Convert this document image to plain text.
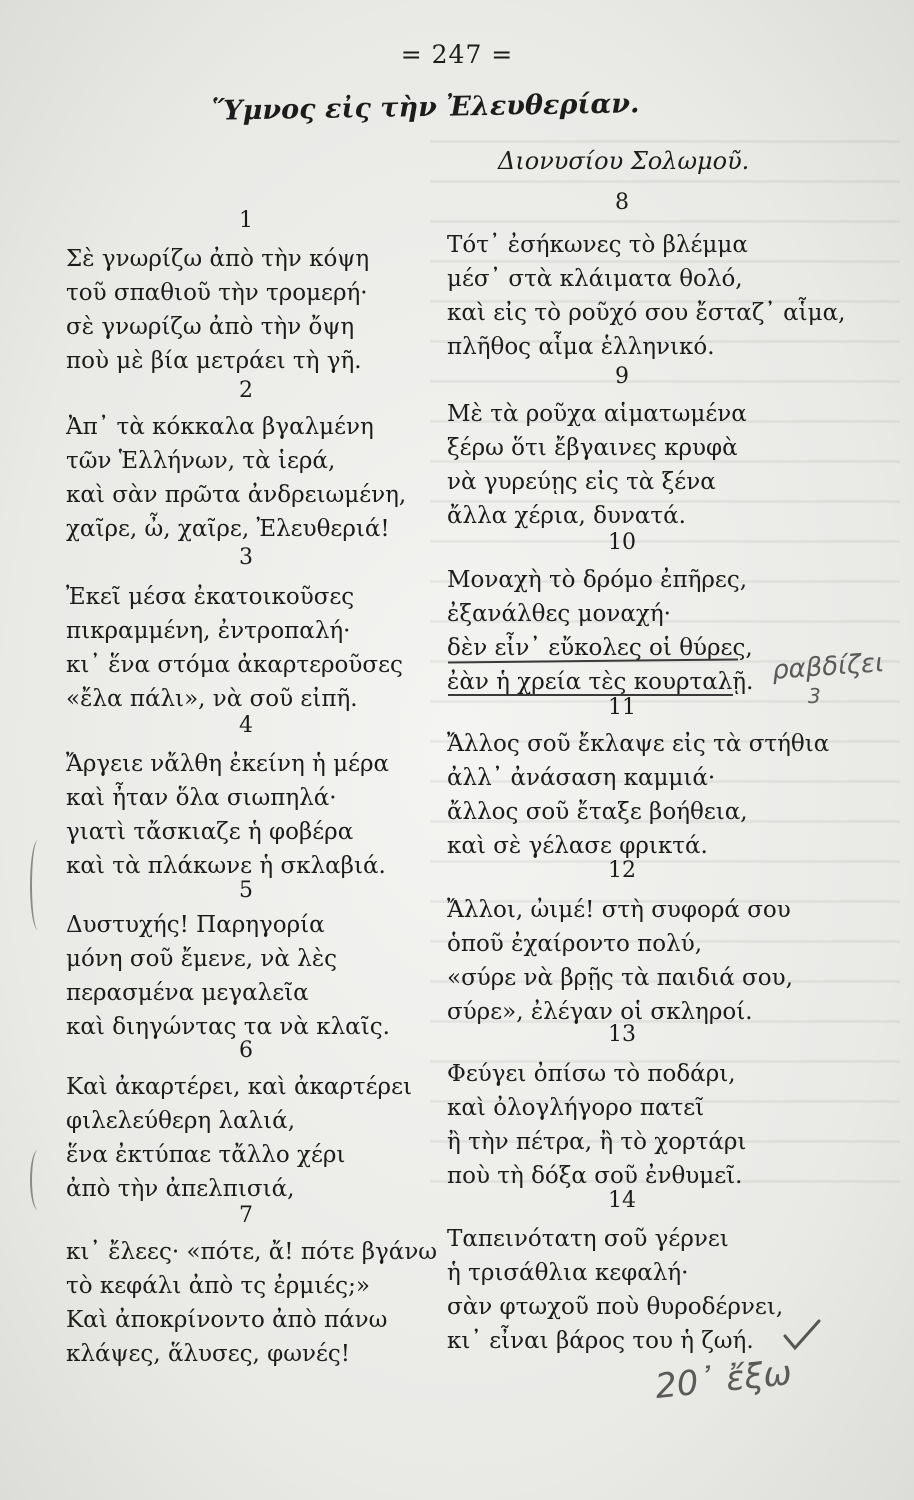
= 247 =
Ὕμνος εἰς τὴν Ἐλευθερίαν.
Διονυσίου Σολωμοῦ.
1
Σὲ γνωρίζω ἀπὸ τὴν κόψη
τοῦ σπαθιοῦ τὴν τρομερή·
σὲ γνωρίζω ἀπὸ τὴν ὄψη
ποὺ μὲ βία μετράει τὴ γῆ.
2
Ἀπ᾿ τὰ κόκκαλα βγαλμένη
τῶν Ἑλλήνων, τὰ ἱερά,
καὶ σὰν πρῶτα ἀνδρειωμένη,
χαῖρε, ὦ, χαῖρε, Ἐλευθεριά!
3
Ἐκεῖ μέσα ἐκατοικοῦσες
πικραμμένη, ἐντροπαλή·
κι᾿ ἕνα στόμα ἀκαρτεροῦσες
«ἔλα πάλι», νὰ σοῦ εἰπῆ.
4
Ἄργειε νἄλθη ἐκείνη ἡ μέρα
καὶ ἦταν ὅλα σιωπηλά·
γιατὶ τἄσκιαζε ἡ φοβέρα
καὶ τὰ πλάκωνε ἡ σκλαβιά.
5
Δυστυχής! Παρηγορία
μόνη σοῦ ἔμενε, νὰ λὲς
περασμένα μεγαλεῖα
καὶ διηγώντας τα νὰ κλαῖς.
6
Καὶ ἀκαρτέρει, καὶ ἀκαρτέρει
φιλελεύθερη λαλιά,
ἕνα ἐκτύπαε τἄλλο χέρι
ἀπὸ τὴν ἀπελπισιά,
7
κι᾿ ἔλεες· «πότε, ἄ! πότε βγάνω
τὸ κεφάλι ἀπὸ τς ἐρμιές;»
Καὶ ἀποκρίνοντο ἀπὸ πάνω
κλάψες, ἅλυσες, φωνές!
8
Τότ᾿ ἐσήκωνες τὸ βλέμμα
μέσ᾿ στὰ κλάιματα θολό,
καὶ εἰς τὸ ροῦχό σου ἔσταζ᾿ αἷμα,
πλῆθος αἷμα ἑλληνικό.
9
Μὲ τὰ ροῦχα αἱματωμένα
ξέρω ὅτι ἔβγαινες κρυφὰ
νὰ γυρεύῃς εἰς τὰ ξένα
ἄλλα χέρια, δυνατά.
10
Μοναχὴ τὸ δρόμο ἐπῆρες,
ἐξανάλθες μοναχή·
δὲν εἶν᾿ εὔκολες οἱ θύρες,
ἐὰν ἡ χρεία τὲς κουρταλῇ.
11
Ἄλλος σοῦ ἔκλαψε εἰς τὰ στήθια
ἀλλ᾿ ἀνάσαση καμμιά·
ἄλλος σοῦ ἔταξε βοήθεια,
καὶ σὲ γέλασε φρικτά.
12
Ἄλλοι, ὠιμέ! στὴ συφορά σου
ὁποῦ ἐχαίροντο πολύ,
«σύρε νὰ βρῇς τὰ παιδιά σου,
σύρε», ἐλέγαν οἱ σκληροί.
13
Φεύγει ὀπίσω τὸ ποδάρι,
καὶ ὀλογλήγορο πατεῖ
ἢ τὴν πέτρα, ἢ τὸ χορτάρι
ποὺ τὴ δόξα σοῦ ἐνθυμεῖ.
14
Ταπεινότατη σοῦ γέρνει
ἡ τρισάθλια κεφαλή·
σὰν φτωχοῦ ποὺ θυροδέρνει,
κι᾿ εἶναι βάρος του ἡ ζωή.
ραβδίζει
3
20᾿ ἔξω
